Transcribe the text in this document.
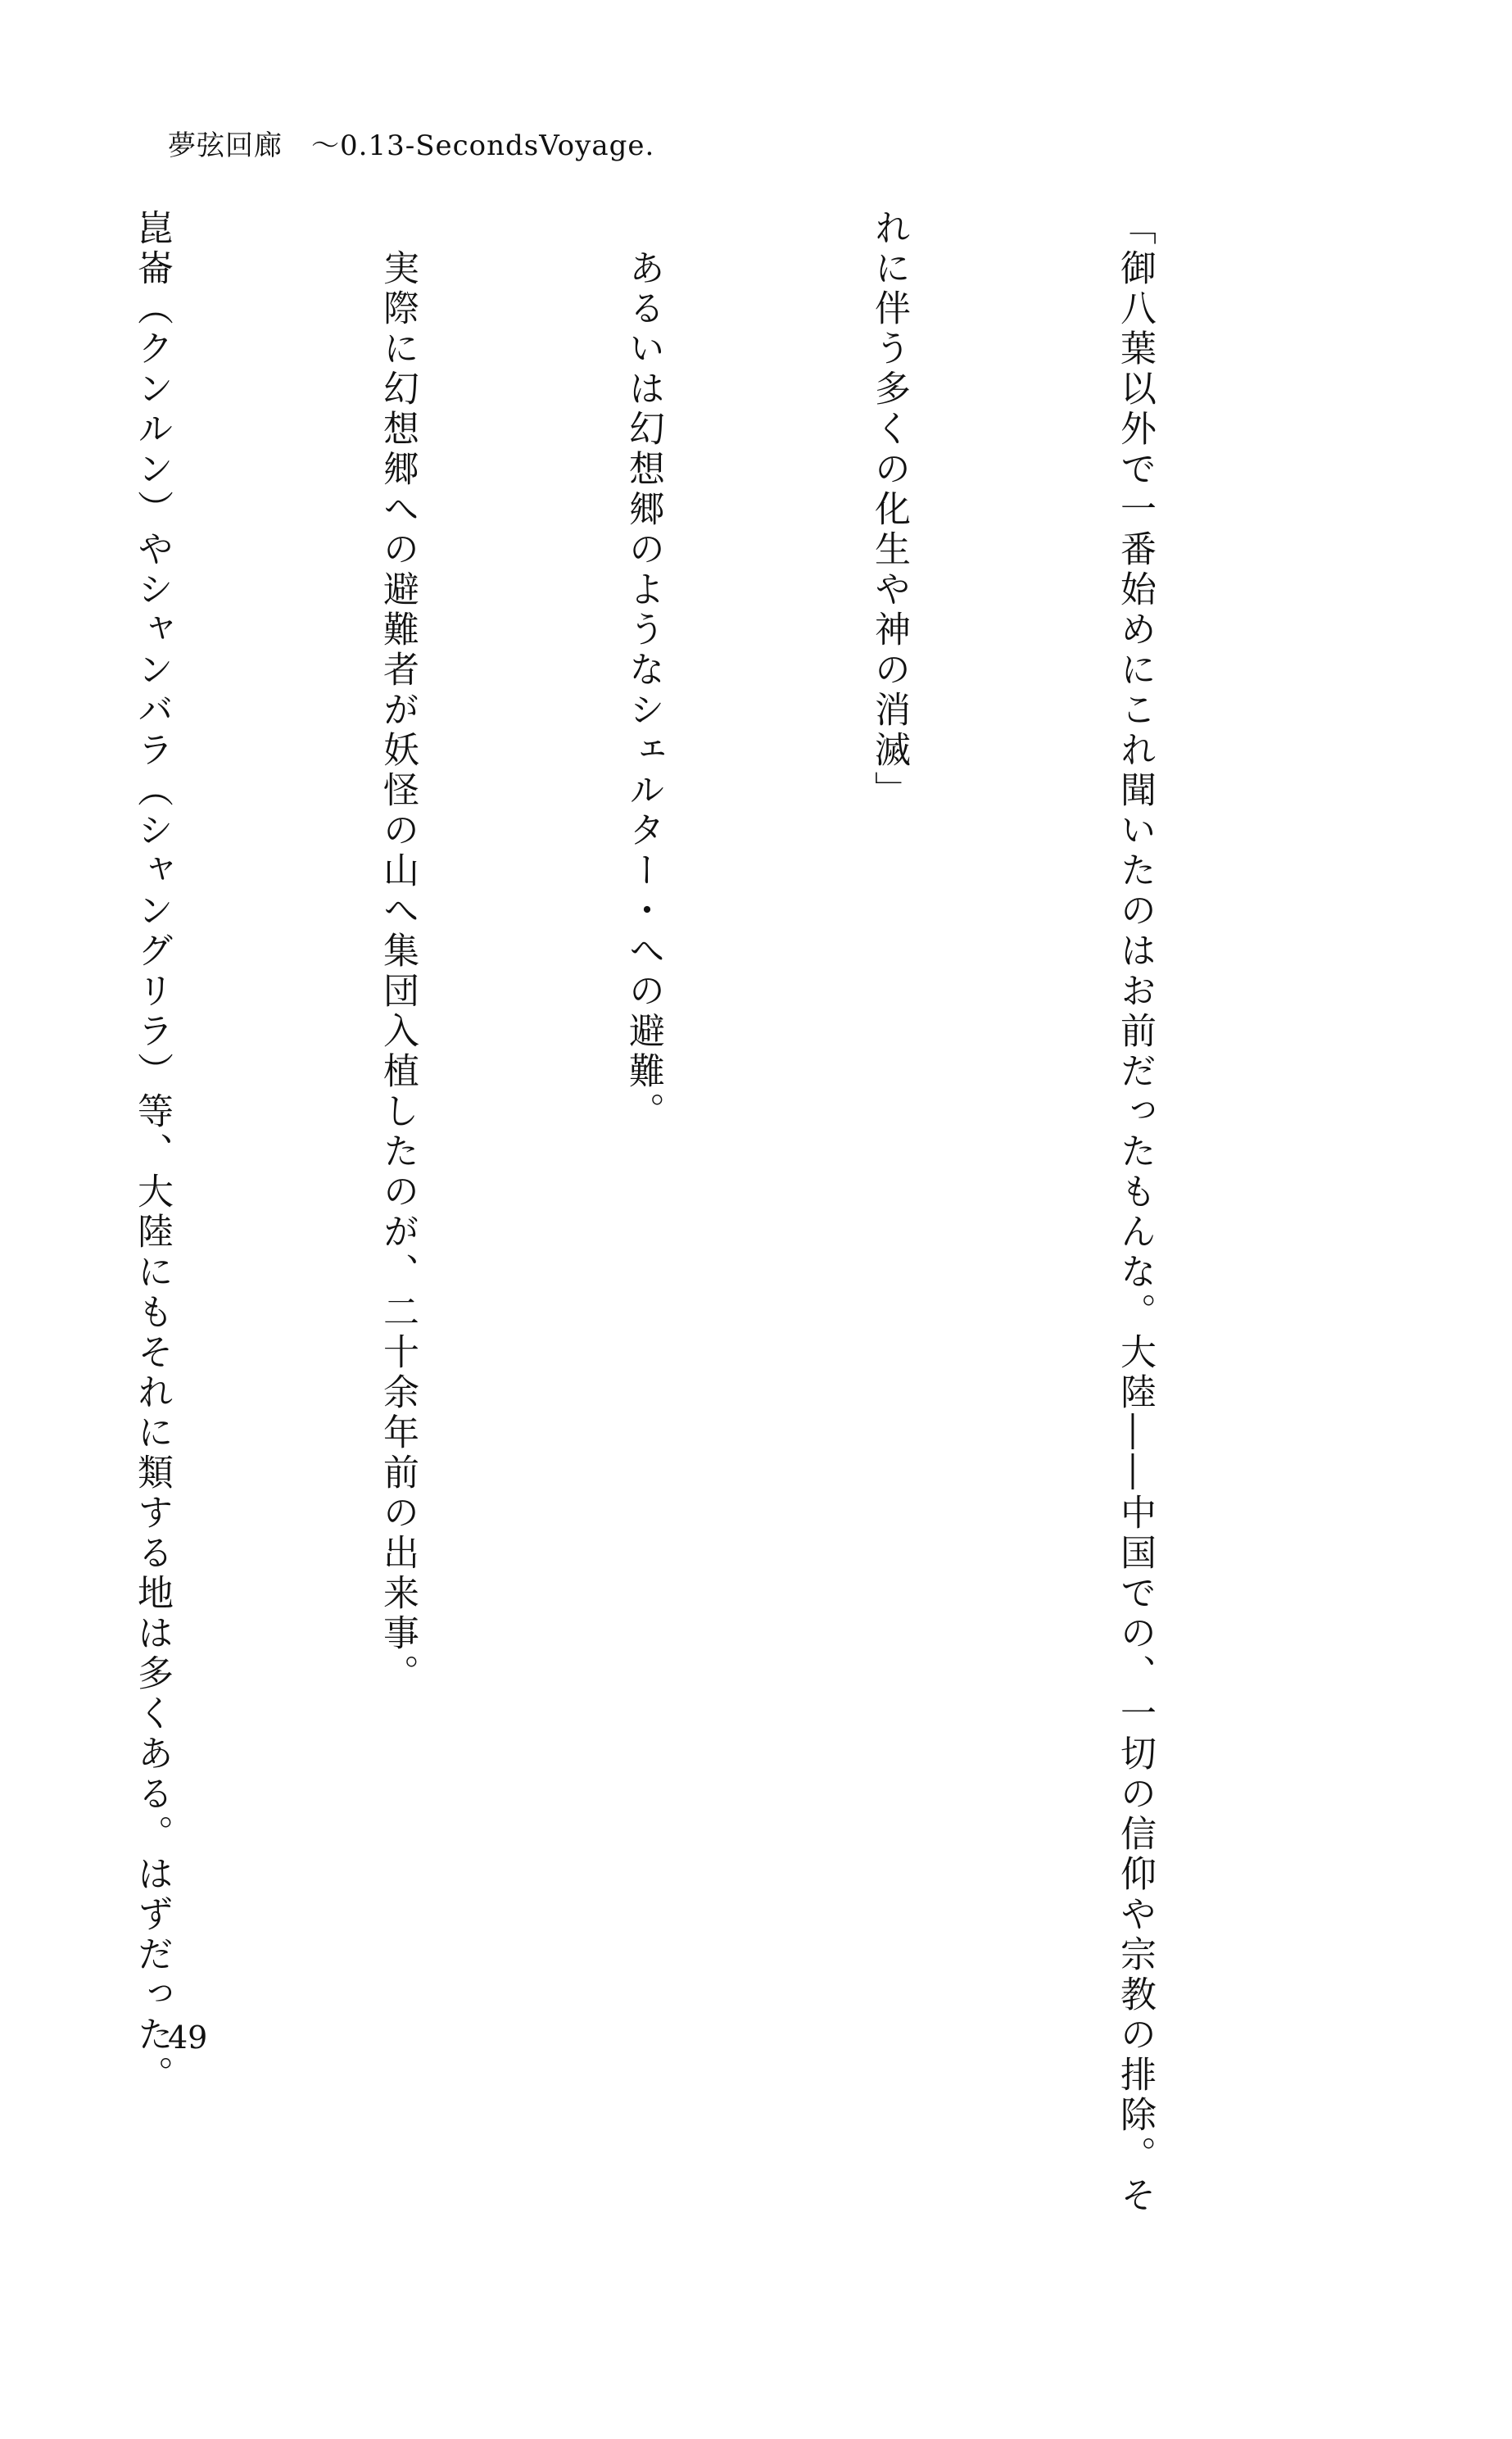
夢弦回廊　～0.13-SecondsVoyage.

「御八葉以外で一番始めにこれ聞いたのはお前だったもんな。大陸――中国での、一切の信仰や宗教の排除。そ

れに伴う多くの化生や神の消滅」

　あるいは幻想郷のようなシェルター・への避難。

　実際に幻想郷への避難者が妖怪の山へ集団入植したのが、二十余年前の出来事。

崑崙（クンルン）やシャンバラ（シャングリラ）等、大陸にもそれに類する地は多くある。はずだった。

49
